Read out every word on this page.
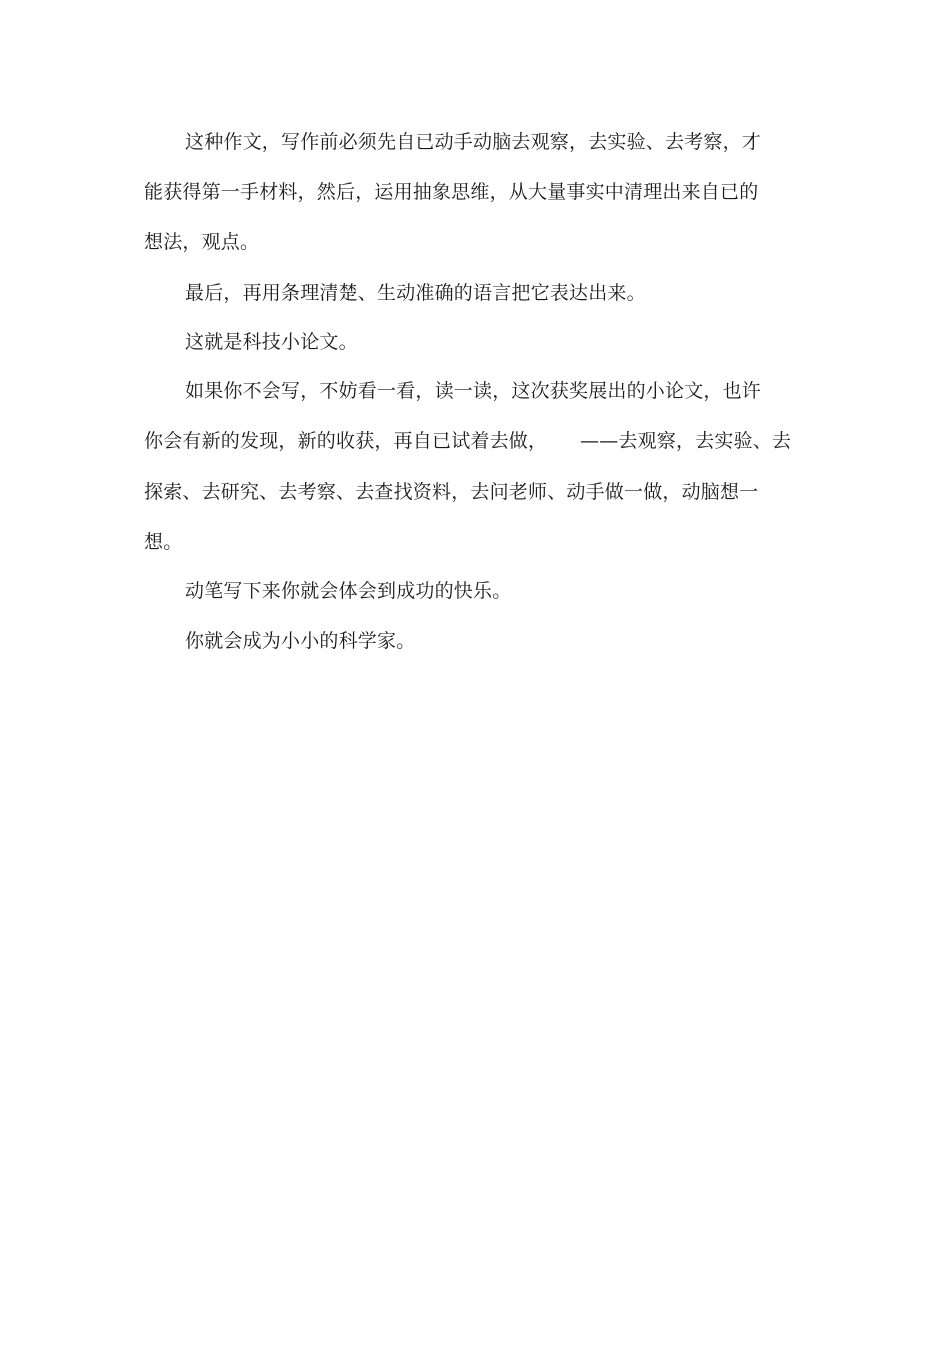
这种作文，写作前必须先自已动手动脑去观察，去实验、去考察，才
能获得第一手材料，然后，运用抽象思维，从大量事实中清理出来自已的
想法，观点。
最后，再用条理清楚、生动准确的语言把它表达出来。
这就是科技小论文。
如果你不会写，不妨看一看，读一读，这次获奖展出的小论文，也许
你会有新的发现，新的收获，再自已试着去做， ——去观察，去实验、去
探索、去研究、去考察、去查找资料，去问老师、动手做一做，动脑想一
想。
动笔写下来你就会体会到成功的快乐。
你就会成为小小的科学家。
